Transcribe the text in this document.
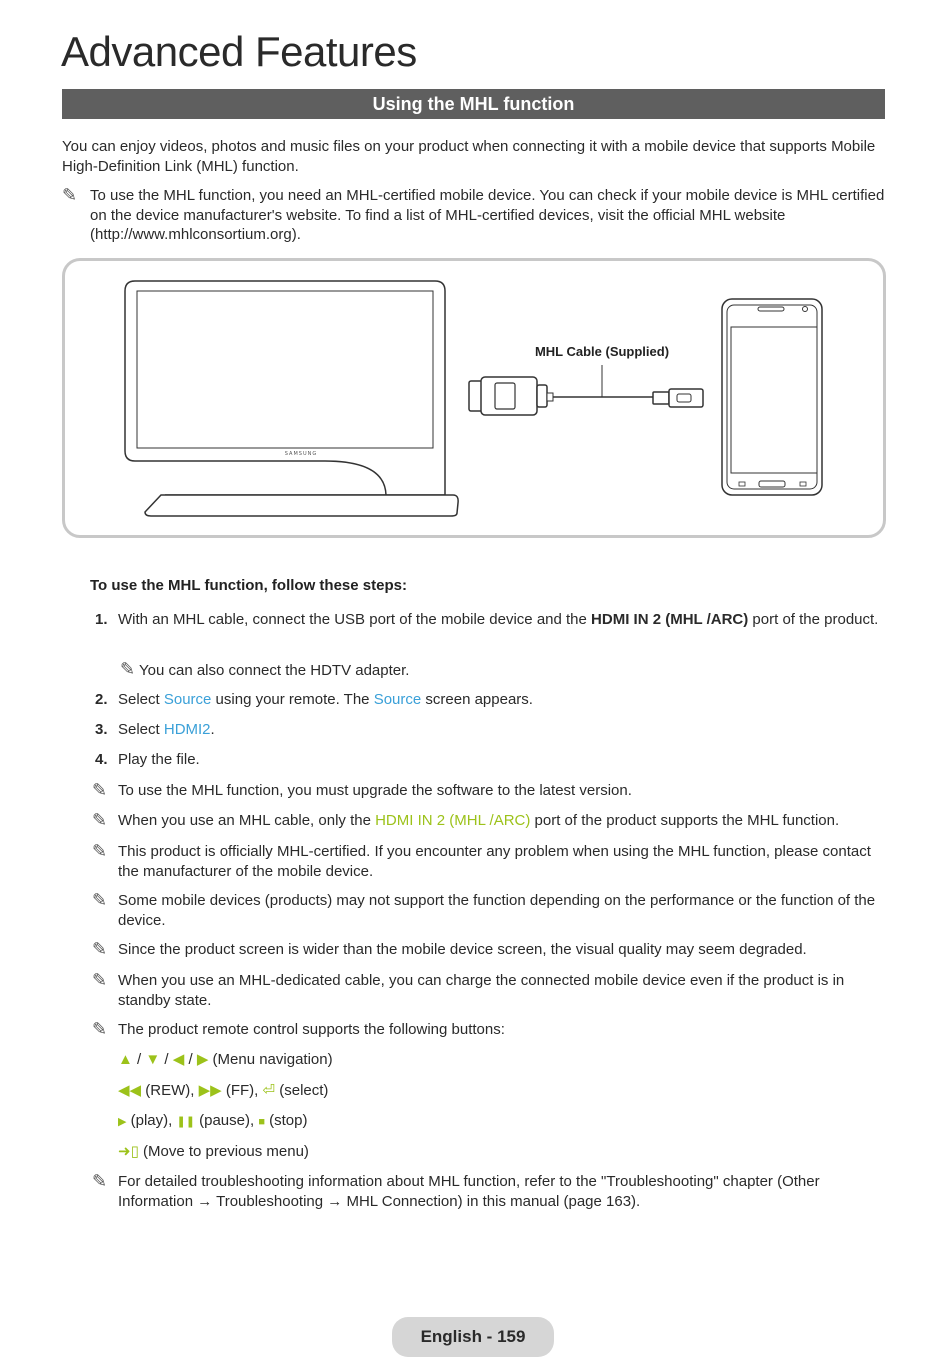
Advanced Features
Using the MHL function
You can enjoy videos, photos and music files on your product when connecting it with a mobile device that supports Mobile High-Definition Link (MHL) function.
✎ To use the MHL function, you need an MHL-certified mobile device. You can check if your mobile device is MHL certified on the device manufacturer's website. To find a list of MHL-certified devices, visit the official MHL website (http://www.mhlconsortium.org).
SAMSUNG
MHL Cable (Supplied)
To use the MHL function, follow these steps:
1. With an MHL cable, connect the USB port of the mobile device and the HDMI IN 2 (MHL /ARC) port of the product.
✎ You can also connect the HDTV adapter.
2. Select Source using your remote. The Source screen appears.
3. Select HDMI2.
4. Play the file.
✎ To use the MHL function, you must upgrade the software to the latest version.
✎ When you use an MHL cable, only the HDMI IN 2 (MHL /ARC) port of the product supports the MHL function.
✎ This product is officially MHL-certified. If you encounter any problem when using the MHL function, please contact the manufacturer of the mobile device.
✎ Some mobile devices (products) may not support the function depending on the performance or the function of the device.
✎ Since the product screen is wider than the mobile device screen, the visual quality may seem degraded.
✎ When you use an MHL-dedicated cable, you can charge the connected mobile device even if the product is in standby state.
✎ The product remote control supports the following buttons:
▲ / ▼ / ◀ / ▶ (Menu navigation)
◀◀ (REW), ▶▶ (FF), ⏎ (select)
▶ (play), ❚❚ (pause), ■ (stop)
➜▯ (Move to previous menu)
✎ For detailed troubleshooting information about MHL function, refer to the "Troubleshooting" chapter (Other Information → Troubleshooting → MHL Connection) in this manual (page 163).
English - 159
